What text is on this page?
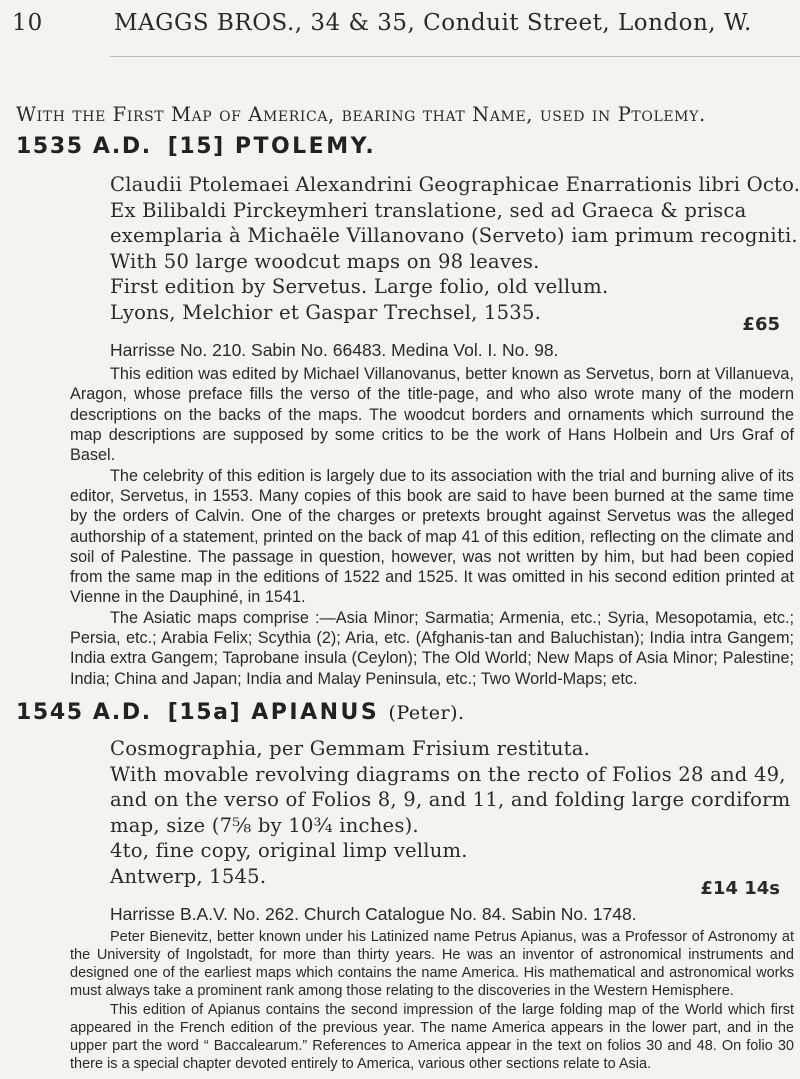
10	MAGGS BROS., 34 & 35, Conduit Street, London, W.
With the First Map of America, bearing that Name, used in Ptolemy.
1535 A.D. [15] PTOLEMY.
Claudii Ptolemaei Alexandrini Geographicae Enarrationis libri Octo.
Ex Bilibaldi Pirckeymheri translatione, sed ad Graeca & prisca
exemplaria à Michaële Villanovano (Serveto) iam primum recogniti.
With 50 large woodcut maps on 98 leaves.
First edition by Servetus. Large folio, old vellum.
Lyons, Melchior et Gaspar Trechsel, 1535.
£65
Harrisse No. 210. Sabin No. 66483. Medina Vol. I. No. 98.

This edition was edited by Michael Villanovanus, better known as Servetus, born at Villanueva, Aragon, whose preface fills the verso of the title-page, and who also wrote many of the modern descriptions on the backs of the maps. The woodcut borders and ornaments which surround the map descriptions are supposed by some critics to be the work of Hans Holbein and Urs Graf of Basel.

The celebrity of this edition is largely due to its association with the trial and burning alive of its editor, Servetus, in 1553. Many copies of this book are said to have been burned at the same time by the orders of Calvin. One of the charges or pretexts brought against Servetus was the alleged authorship of a statement, printed on the back of map 41 of this edition, reflecting on the climate and soil of Palestine. The passage in question, however, was not written by him, but had been copied from the same map in the editions of 1522 and 1525. It was omitted in his second edition printed at Vienne in the Dauphiné, in 1541.

The Asiatic maps comprise :—Asia Minor; Sarmatia; Armenia, etc.; Syria, Mesopotamia, etc.; Persia, etc.; Arabia Felix; Scythia (2); Aria, etc. (Afghanis-tan and Baluchistan); India intra Gangem; India extra Gangem; Taprobane insula (Ceylon); The Old World; New Maps of Asia Minor; Palestine; India; China and Japan; India and Malay Peninsula, etc.; Two World-Maps; etc.

1545 A.D. [15a] APIANUS (Peter).
Cosmographia, per Gemmam Frisium restituta.
With movable revolving diagrams on the recto of Folios 28 and 49,
and on the verso of Folios 8, 9, and 11, and folding large cordiform
map, size (7⅝ by 10¾ inches).
4to, fine copy, original limp vellum.
Antwerp, 1545.
£14 14s
Harrisse B.A.V. No. 262. Church Catalogue No. 84. Sabin No. 1748.

Peter Bienevitz, better known under his Latinized name Petrus Apianus, was a Professor of Astronomy at the University of Ingolstadt, for more than thirty years. He was an inventor of astronomical instruments and designed one of the earliest maps which contains the name America. His mathematical and astronomical works must always take a prominent rank among those relating to the discoveries in the Western Hemisphere.

This edition of Apianus contains the second impression of the large folding map of the World which first appeared in the French edition of the previous year. The name America appears in the lower part, and in the upper part the word “ Baccalearum.” References to America appear in the text on folios 30 and 48. On folio 30 there is a special chapter devoted entirely to America, various other sections relate to Asia.
